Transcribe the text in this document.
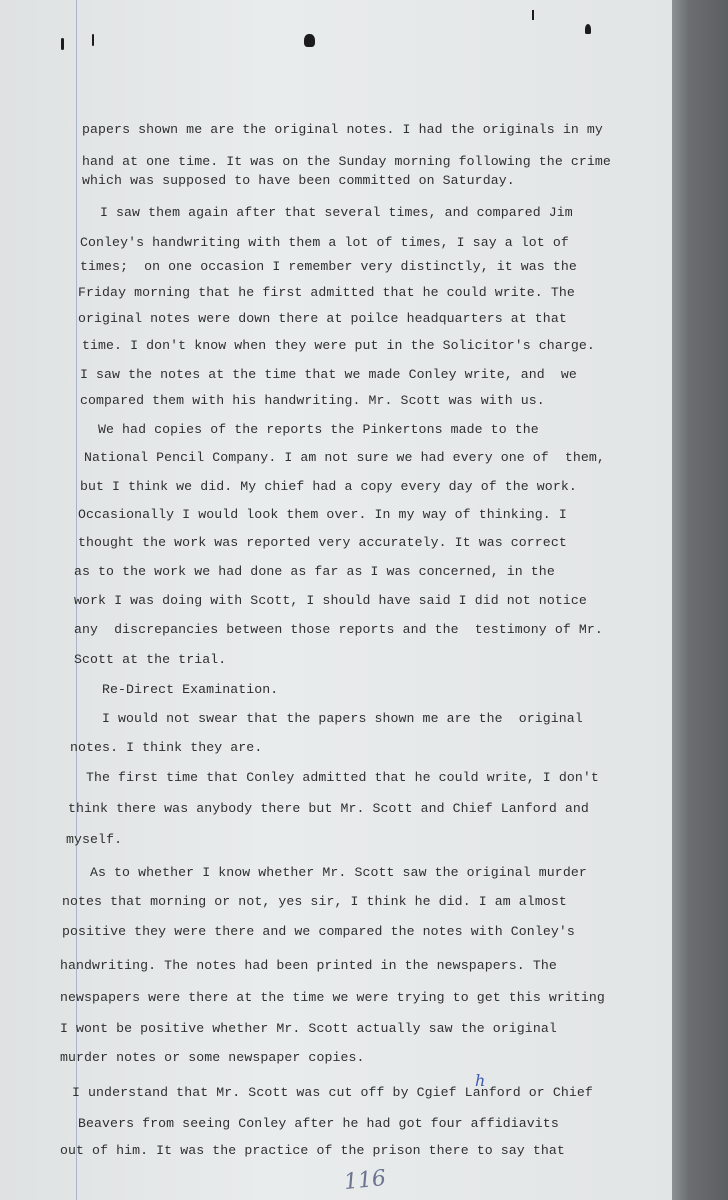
papers shown me are the original notes. I had the originals in my
hand at one time. It was on the Sunday morning following the crime
which was supposed to have been committed on Saturday.
I saw them again after that several times, and compared Jim
Conley's handwriting with them a lot of times, I say a lot of
times;  on one occasion I remember very distinctly, it was the
Friday morning that he first admitted that he could write. The
original notes were down there at poilce headquarters at that
time. I don't know when they were put in the Solicitor's charge.
I saw the notes at the time that we made Conley write, and  we
compared them with his handwriting. Mr. Scott was with us.
We had copies of the reports the Pinkertons made to the
National Pencil Company. I am not sure we had every one of  them,
but I think we did. My chief had a copy every day of the work.
Occasionally I would look them over. In my way of thinking. I
thought the work was reported very accurately. It was correct
as to the work we had done as far as I was concerned, in the
work I was doing with Scott, I should have said I did not notice
any  discrepancies between those reports and the  testimony of Mr.
Scott at the trial.
Re-Direct Examination.
I would not swear that the papers shown me are the  original
notes. I think they are.
The first time that Conley admitted that he could write, I don't
think there was anybody there but Mr. Scott and Chief Lanford and
myself.
As to whether I know whether Mr. Scott saw the original murder
notes that morning or not, yes sir, I think he did. I am almost
positive they were there and we compared the notes with Conley's
handwriting. The notes had been printed in the newspapers. The
newspapers were there at the time we were trying to get this writing
I wont be positive whether Mr. Scott actually saw the original
murder notes or some newspaper copies.
I understand that Mr. Scott was cut off by Cgief Lanford or Chief
Beavers from seeing Conley after he had got four affidiavits
out of him. It was the practice of the prison there to say that
h
116
